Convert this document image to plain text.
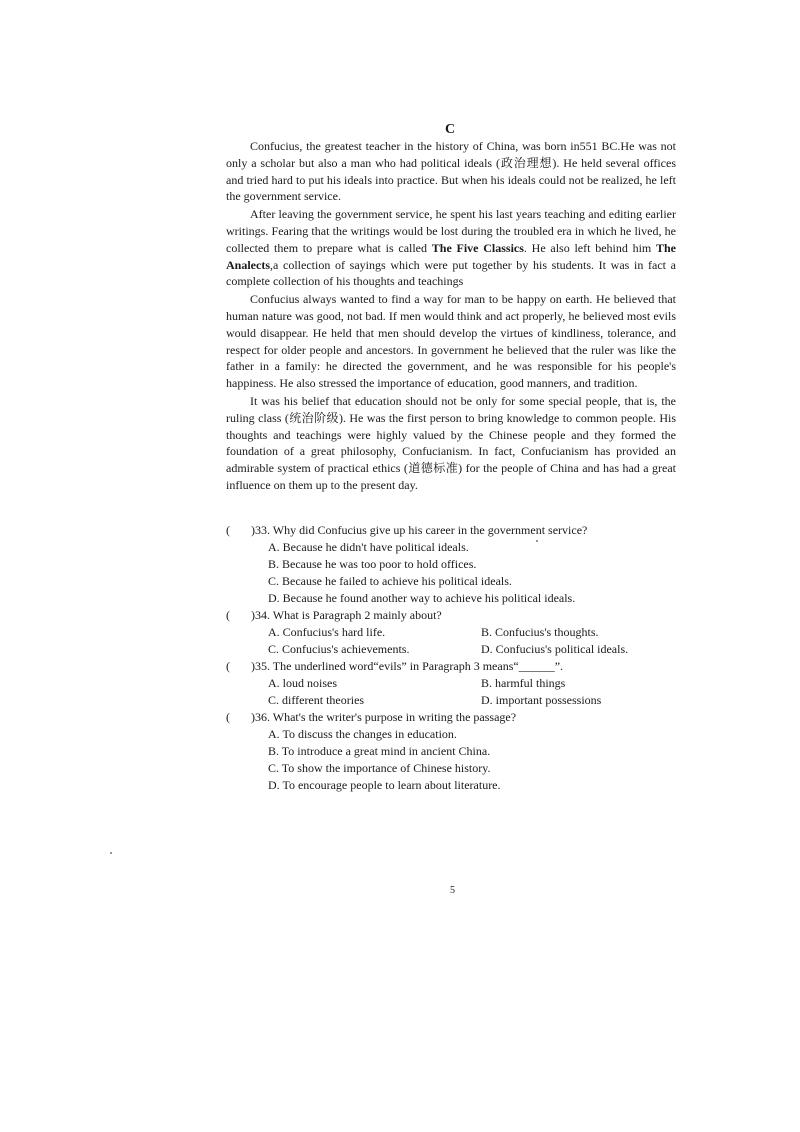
C

Confucius, the greatest teacher in the history of China, was born in551 BC.He was not only a scholar but also a man who had political ideals (政治理想). He held several offices and tried hard to put his ideals into practice. But when his ideals could not be realized, he left the government service.

After leaving the government service, he spent his last years teaching and editing earlier writings. Fearing that the writings would be lost during the troubled era in which he lived, he collected them to prepare what is called The Five Classics. He also left behind him The Analects,a collection of sayings which were put together by his students. It was in fact a complete collection of his thoughts and teachings

Confucius always wanted to find a way for man to be happy on earth. He believed that human nature was good, not bad. If men would think and act properly, he believed most evils would disappear. He held that men should develop the virtues of kindliness, tolerance, and respect for older people and ancestors. In government he believed that the ruler was like the father in a family: he directed the government, and he was responsible for his people's happiness. He also stressed the importance of education, good manners, and tradition.

It was his belief that education should not be only for some special people, that is, the ruling class (统治阶级). He was the first person to bring knowledge to common people. His thoughts and teachings were highly valued by the Chinese people and they formed the foundation of a great philosophy, Confucianism. In fact, Confucianism has provided an admirable system of practical ethics (道德标准) for the people of China and has had a great influence on them up to the present day.

(       ) 33. Why did Confucius give up his career in the government service?
A. Because he didn't have political ideals.
B. Because he was too poor to hold offices.
C. Because he failed to achieve his political ideals.
D. Because he found another way to achieve his political ideals.
(       ) 34. What is Paragraph 2 mainly about?
A. Confucius's hard life.	B. Confucius's thoughts.
C. Confucius's achievements.	D. Confucius's political ideals.
(       ) 35. The underlined word“evils” in Paragraph 3 means“______”.
A. loud noises	B. harmful things
C. different theories	D. important possessions
(       ) 36. What's the writer's purpose in writing the passage?
A. To discuss the changes in education.
B. To introduce a great mind in ancient China.
C. To show the importance of Chinese history.
D. To encourage people to learn about literature.
5
